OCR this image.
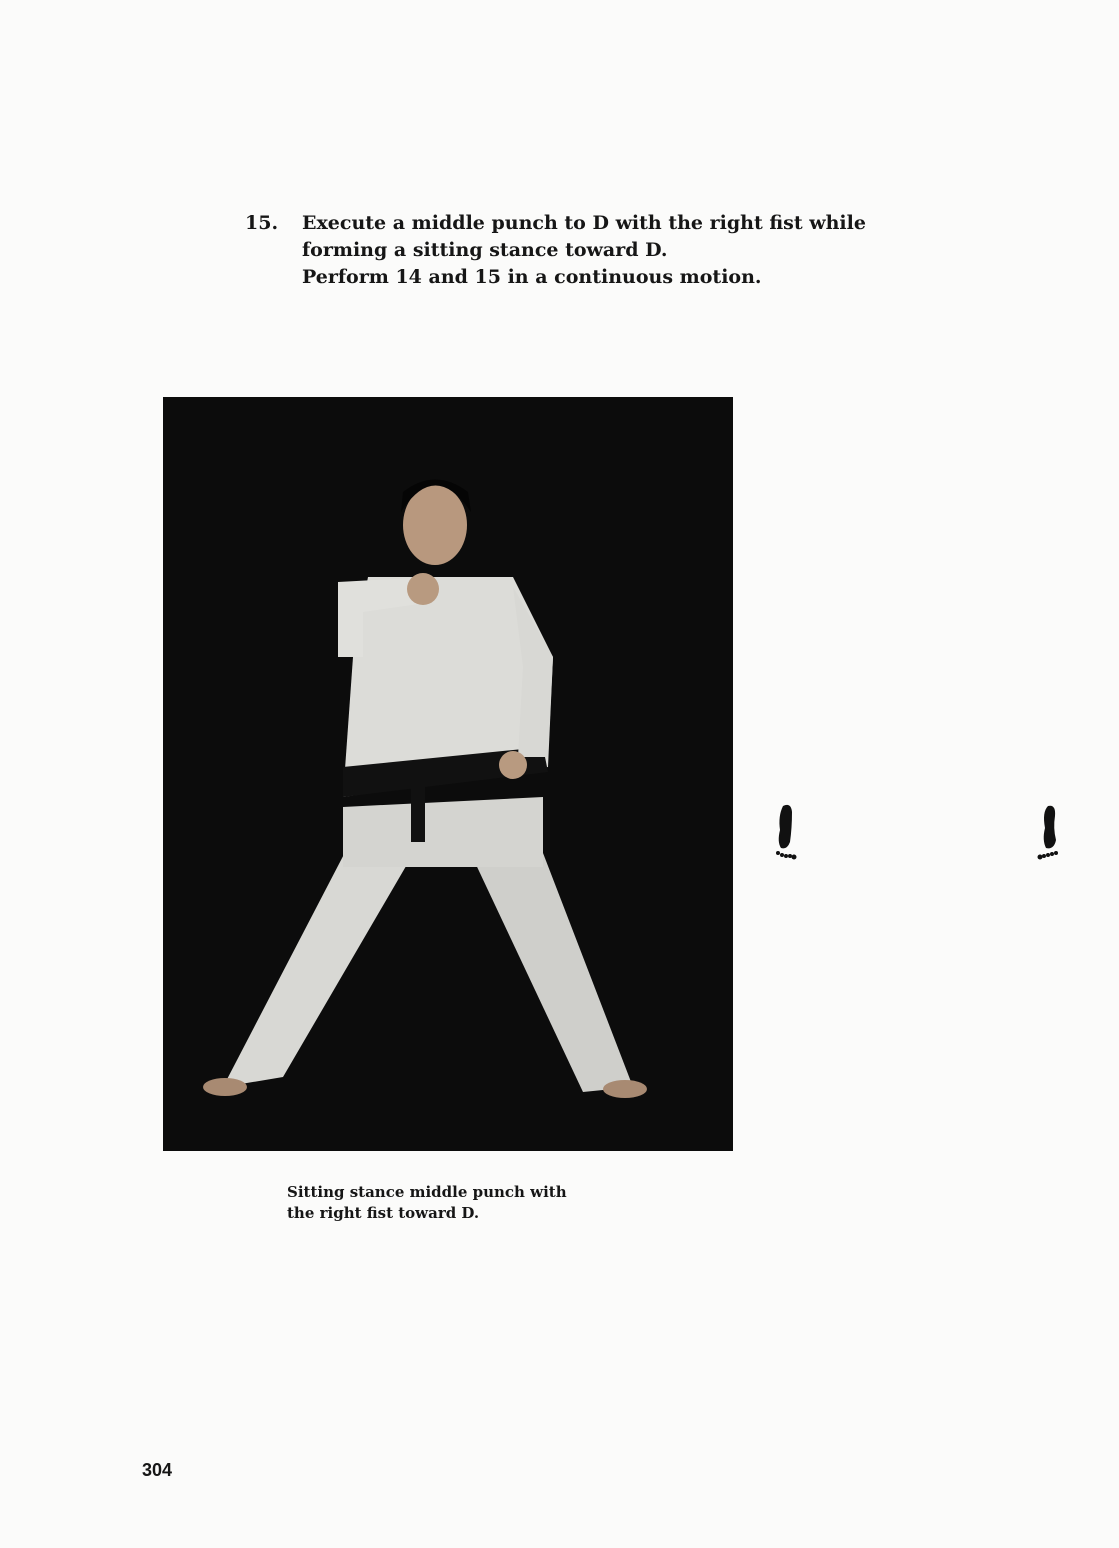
15. Execute a middle punch to D with the right fist while
forming a sitting stance toward D.
Perform 14 and 15 in a continuous motion.
Sitting stance middle punch with
the right fist toward D.
304
